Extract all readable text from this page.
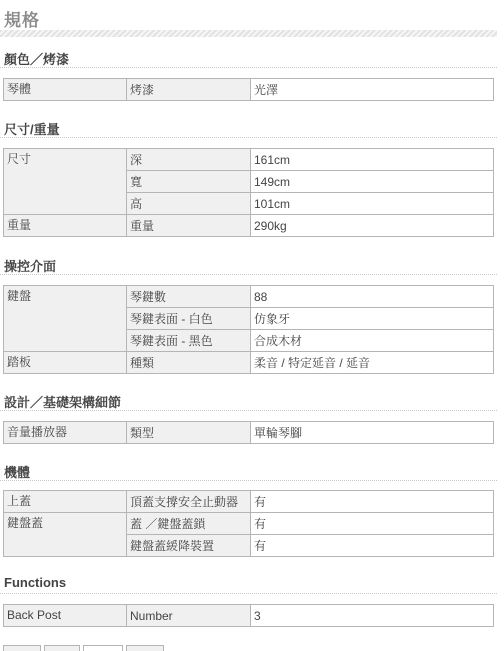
規格
顏色／烤漆
琴體	烤漆	光澤
尺寸/重量
尺寸	深	161cm
	寬	149cm
	高	101cm
重量	重量	290kg
操控介面
鍵盤	琴鍵數	88
	琴鍵表面 - 白色	仿象牙
	琴鍵表面 - 黑色	合成木材
踏板	種類	柔音 / 特定延音 / 延音
設計／基礎架構細節
音量播放器	類型	單輪琴腳
機體
上蓋	頂蓋支撐安全止動器	有
鍵盤蓋	蓋 ／鍵盤蓋鎖	有
	鍵盤蓋緩降裝置	有
Functions
Back Post	Number	3
